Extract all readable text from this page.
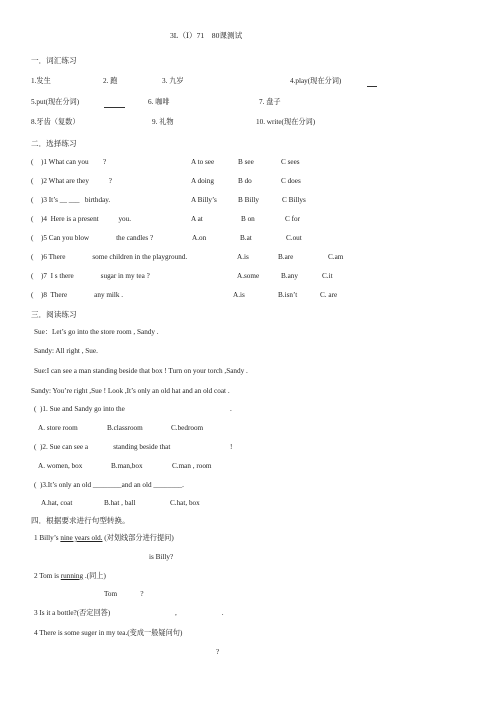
3L（Ⅰ）71　80课测试
一．词汇练习
1.发生	2. 跑	3. 九岁	4.play(现在分词)
5.put(现在分词)	6. 咖啡	7. 盘子
8.牙齿（复数）	9. 礼物	10. write(现在分词)
二．选择练习
( )1 What can you        ?	A to see	B see	C sees
( )2 What are they           ?	A doing	B do	C does
( )3 It’s __ ___   birthday.	A Billy’s	B Billy	C Billys
( )4  Here is a present           you.	A at	B on	C for
( )5 Can you blow               the candles ?	A.on	B.at	C.out
( )6 There               some children in the playground.	A.is	B.are	C.am
( )7  I s there               sugar in my tea ?	A.some	B.any	C.it
( )8  There               any milk .	A.is	B.isn’t	C. are
三．阅读练习
Sue：Let’s go into the store room , Sandy .
Sandy: All right , Sue.
Sue:I can see a man standing beside that box ! Turn on your torch ,Sandy .
Sandy: You’re right ,Sue ! Look ,It’s only an old hat and an old coat .
(  )1. Sue and Sandy go into the	.
A. store room	B.classroom	C.bedroom
(  )2. Sue can see a              standing beside that	!
A. women, box	B.man,box	C.man , room
(  )3.It’s only an old ________and an old ________.
A.hat, coat	B.hat , ball	C.hat, box
四．根据要求进行句型转换。
1 Billy’s nine years old. (对划线部分进行提问)
is Billy?
2 Tom is running .(同上)
Tom             ?
3 Is it a bottle?(否定回答)	,                         .
4 There is some suger in my tea.(变成一般疑问句)
?
